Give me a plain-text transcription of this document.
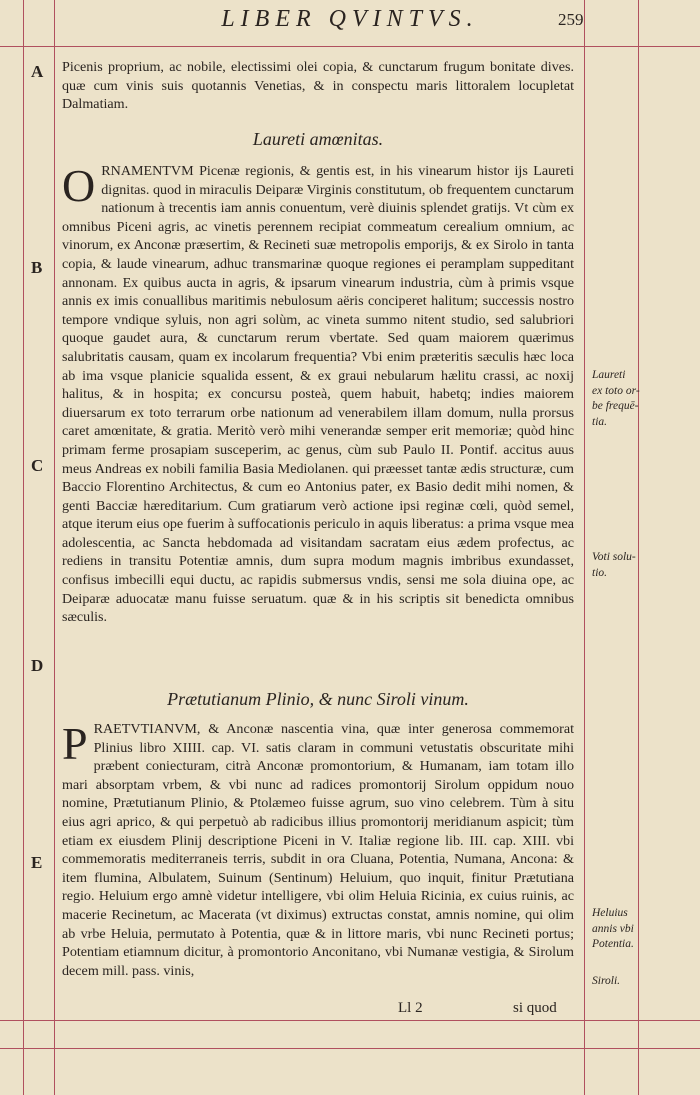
LIBER QVINTVS.	259
A
B
C
D
E

Picenis proprium, ac nobile, electissimi olei copia, & cunctarum frugum bonitate dives. quæ cum vinis suis quotannis Venetias, & in conspectu maris littoralem locupletat Dalmatiam.

Laureti amœnitas.

O RNAMENTVM Picenæ regionis, & gentis est, in his vinearum histor ijs Laureti dignitas. quod in miraculis Deiparæ Virginis constitutum, ob frequentem cunctarum nationum à trecentis iam annis conuentum, verè diuinis splendet gratijs. Vt cùm ex omnibus Piceni agris, ac vinetis perennem recipiat commeatum cerealium omnium, ac vinorum, ex Anconæ præsertim, & Recineti suæ metropolis emporijs, & ex Sirolo in tanta copia, & laude vinearum, adhuc transmarinæ quoque regiones ei peramplam suppeditant annonam. Ex quibus aucta in agris, & ipsarum vinearum industria, cùm à primis vsque annis ex imis conuallibus maritimis nebulosum aëris conciperet halitum; successis nostro tempore vndique syluis, non agri solùm, ac vineta summo nitent studio, sed salubriori quoque gaudet aura, & cunctarum rerum vbertate. Sed quam maiorem quærimus salubritatis causam, quam ex incolarum frequentia? Vbi enim præteritis sæculis hæc loca ab ima vsque planicie squalida essent, & ex graui nebularum hælitu crassi, ac noxij halitus, & in hospita; ex concursu posteà, quem habuit, habetq; indies maiorem diuersarum ex toto terrarum orbe nationum ad venerabilem illam domum, nulla prorsus caret amœnitate, & gratia. Meritò verò mihi venerandæ semper erit memoriæ; quòd hinc primam ferme prosapiam susceperim, ac genus, cùm sub Paulo II. Pontif. accitus auus meus Andreas ex nobili familia Basia Mediolanen. qui præesset tantæ ædis structuræ, cum Baccio Florentino Architectus, & cum eo Antonius pater, ex Basio dedit mihi nomen, & genti Bacciæ hæreditarium. Cum gratiarum verò actione ipsi reginæ cœli, quòd semel, atque iterum eius ope fuerim à suffocationis periculo in aquis liberatus: a prima vsque mea adolescentia, ac Sancta hebdomada ad visitandam sacratam eius ædem profectus, ac rediens in transitu Potentiæ amnis, dum supra modum magnis imbribus exundasset, confisus imbecilli equi ductu, ac rapidis submersus vndis, sensi me sola diuina ope, ac Deiparæ aduocatæ manu fuisse seruatum. quæ & in his scriptis sit benedicta omnibus sæculis.

Prætutianum Plinio, & nunc Siroli vinum.

P RAETVTIANVM, & Anconæ nascentia vina, quæ inter generosa commemorat Plinius libro XIIII. cap. VI. satis claram in communi vetustatis obscuritate mihi præbent coniecturam, citrà Anconæ promontorium, & Humanam, iam totam illo mari absorptam vrbem, & vbi nunc ad radices promontorij Sirolum oppidum nouo nomine, Prætutianum Plinio, & Ptolæmeo fuisse agrum, suo vino celebrem. Tùm à situ eius agri aprico, & qui perpetuò ab radicibus illius promontorij meridianum aspicit; tùm etiam ex eiusdem Plinij descriptione Piceni in V. Italiæ regione lib. III. cap. XIII. vbi commemoratis mediterraneis terris, subdit in ora Cluana, Potentia, Numana, Ancona: & item flumina, Albulatem, Suinum (Sentinum) Heluium, quo inquit, finitur Prætutiana regio. Heluium ergo amnè videtur intelligere, vbi olim Heluia Ricinia, ex cuius ruinis, ac macerie Recinetum, ac Macerata (vt diximus) extructas constat, amnis nomine, qui olim ab vrbe Heluia, permutato à Potentia, quæ & in littore maris, vbi nunc Recineti portus; Potentiam etiamnum dicitur, à promontorio Anconitano, vbi Numanæ vestigia, & Sirolum decem mill. pass. vinis,
Ll 2	si quod
Laureti
ex toto or-
be frequē-
tia.
Voti solu-
tio.
Heluius
annis vbi
Potentia.
Siroli.
